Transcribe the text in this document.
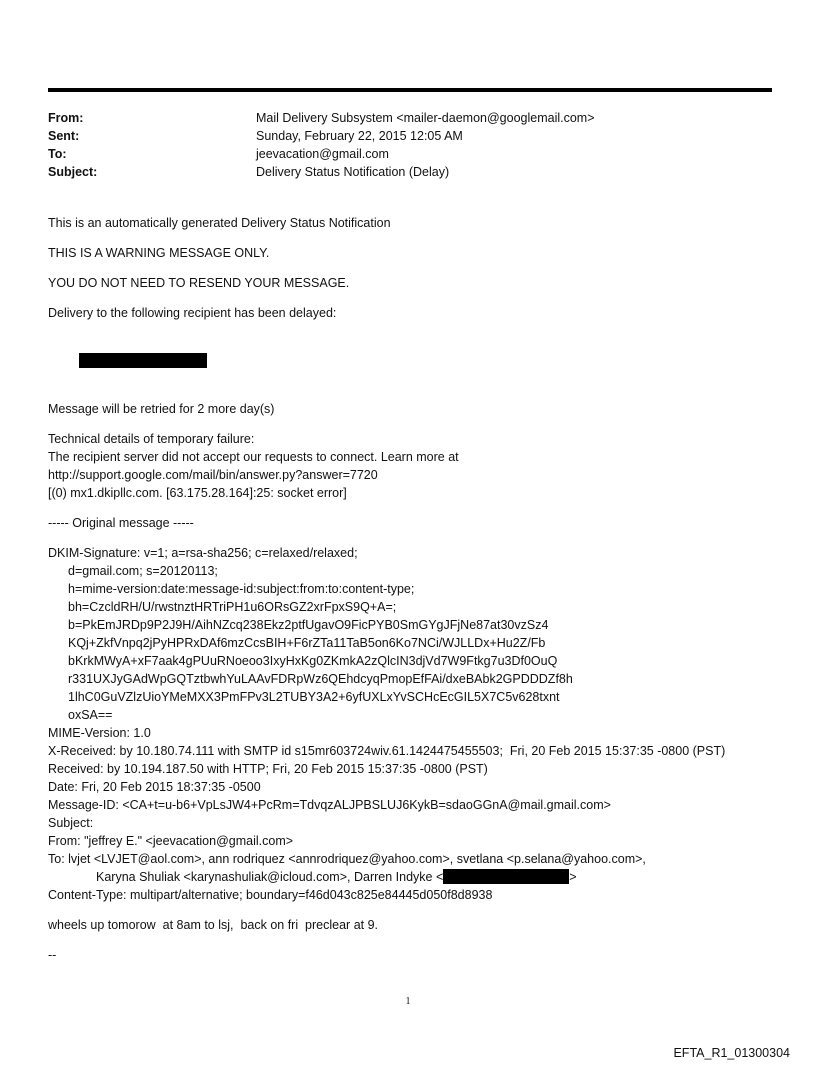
From:	Mail Delivery Subsystem <mailer-daemon@googlemail.com>
Sent:	Sunday, February 22, 2015 12:05 AM
To:	jeevacation@gmail.com
Subject:	Delivery Status Notification (Delay)
This is an automatically generated Delivery Status Notification
THIS IS A WARNING MESSAGE ONLY.
YOU DO NOT NEED TO RESEND YOUR MESSAGE.
Delivery to the following recipient has been delayed:

Message will be retried for 2 more day(s)
Technical details of temporary failure:
The recipient server did not accept our requests to connect. Learn more at
http://support.google.com/mail/bin/answer.py?answer=7720
[(0) mx1.dkipllc.com. [63.175.28.164]:25: socket error]
----- Original message -----
DKIM-Signature: v=1; a=rsa-sha256; c=relaxed/relaxed;
d=gmail.com; s=20120113;
h=mime-version:date:message-id:subject:from:to:content-type;
bh=CzcldRH/U/rwstnztHRTriPH1u6ORsGZ2xrFpxS9Q+A=;
b=PkEmJRDp9P2J9H/AihNZcq238Ekz2ptfUgavO9FicPYB0SmGYgJFjNe87at30vzSz4
KQj+ZkfVnpq2jPyHPRxDAf6mzCcsBIH+F6rZTa11TaB5on6Ko7NCi/WJLLDx+Hu2Z/Fb
bKrkMWyA+xF7aak4gPUuRNoeoo3IxyHxKg0ZKmkA2zQlcIN3djVd7W9Ftkg7u3Df0OuQ
r331UXJyGAdWpGQTztbwhYuLAAvFDRpWz6QEhdcyqPmopEfFAi/dxeBAbk2GPDDDZf8h
1lhC0GuVZlzUioYMeMXX3PmFPv3L2TUBY3A2+6yfUXLxYvSCHcEcGIL5X7C5v628txnt
oxSA==
MIME-Version: 1.0
X-Received: by 10.180.74.111 with SMTP id s15mr603724wiv.61.1424475455503;  Fri, 20 Feb 2015 15:37:35 -0800 (PST)
Received: by 10.194.187.50 with HTTP; Fri, 20 Feb 2015 15:37:35 -0800 (PST)
Date: Fri, 20 Feb 2015 18:37:35 -0500
Message-ID: <CA+t=u-b6+VpLsJW4+PcRm=TdvqzALJPBSLUJ6KykB=sdaoGGnA@mail.gmail.com>
Subject:
From: "jeffrey E." <jeevacation@gmail.com>
To: lvjet <LVJET@aol.com>, ann rodriquez <annrodriquez@yahoo.com>, svetlana <p.selana@yahoo.com>,
Karyna Shuliak <karynashuliak@icloud.com>, Darren Indyke <	>
Content-Type: multipart/alternative; boundary=f46d043c825e84445d050f8d8938
wheels up tomorow  at 8am to lsj,  back on fri  preclear at 9.
--
1
EFTA_R1_01300304
